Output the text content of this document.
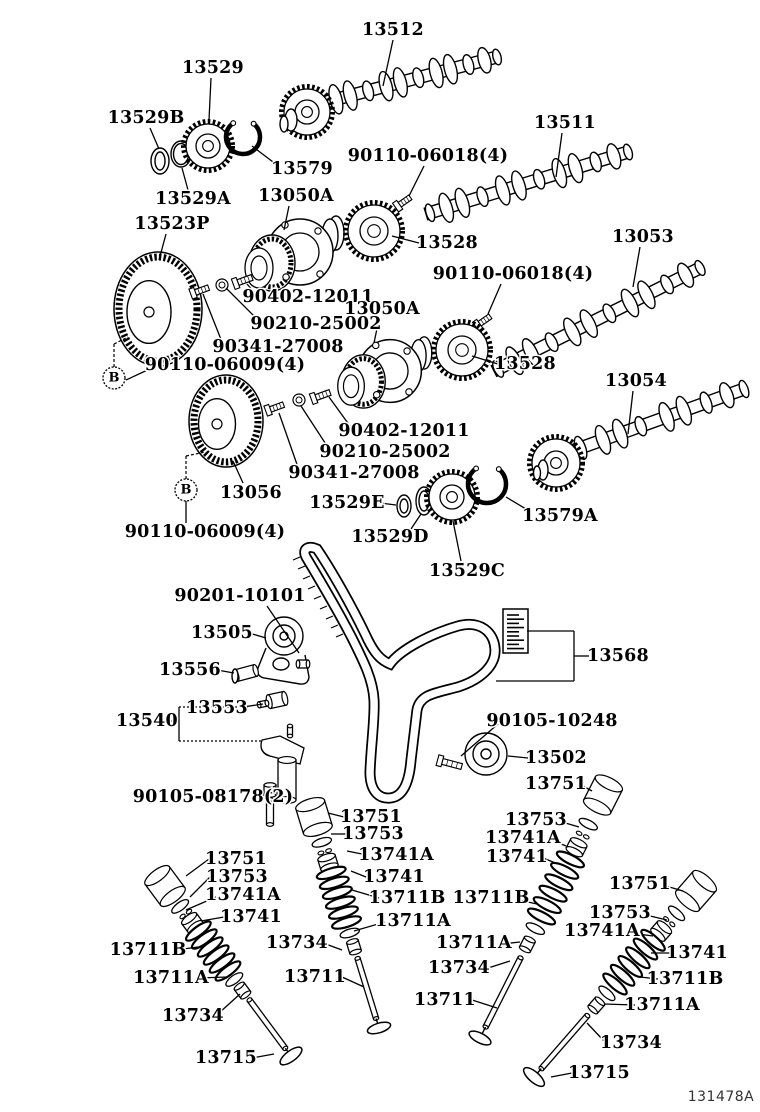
13512
13529
13529B	13511
90110-06018(4)
13579
13529A 13050A
13523P
13528	13053
90110-06018(4)
90402-12011
13050A
90210-25002
90341-27008
13528
90110-06009(4)
13054
90402-12011
90210-25002
90341-27008
13056 13529E
13579A
13529D
90110-06009(4)
13529C
90201-10101
13505
13568
13556
13553
13540	90105-10248
13502
13751
90105-08178(2)
13751
13753
13753
13741A
13741A	13741
13751
13741
13753	13751
13741A	13711B 13711B
13753
13741	13711A	13741A
13734	13711A
13711B	13741
13711	13734
13711A	13711B
13711	13711A
13734
13734
13715
13715
131478A
B
B
